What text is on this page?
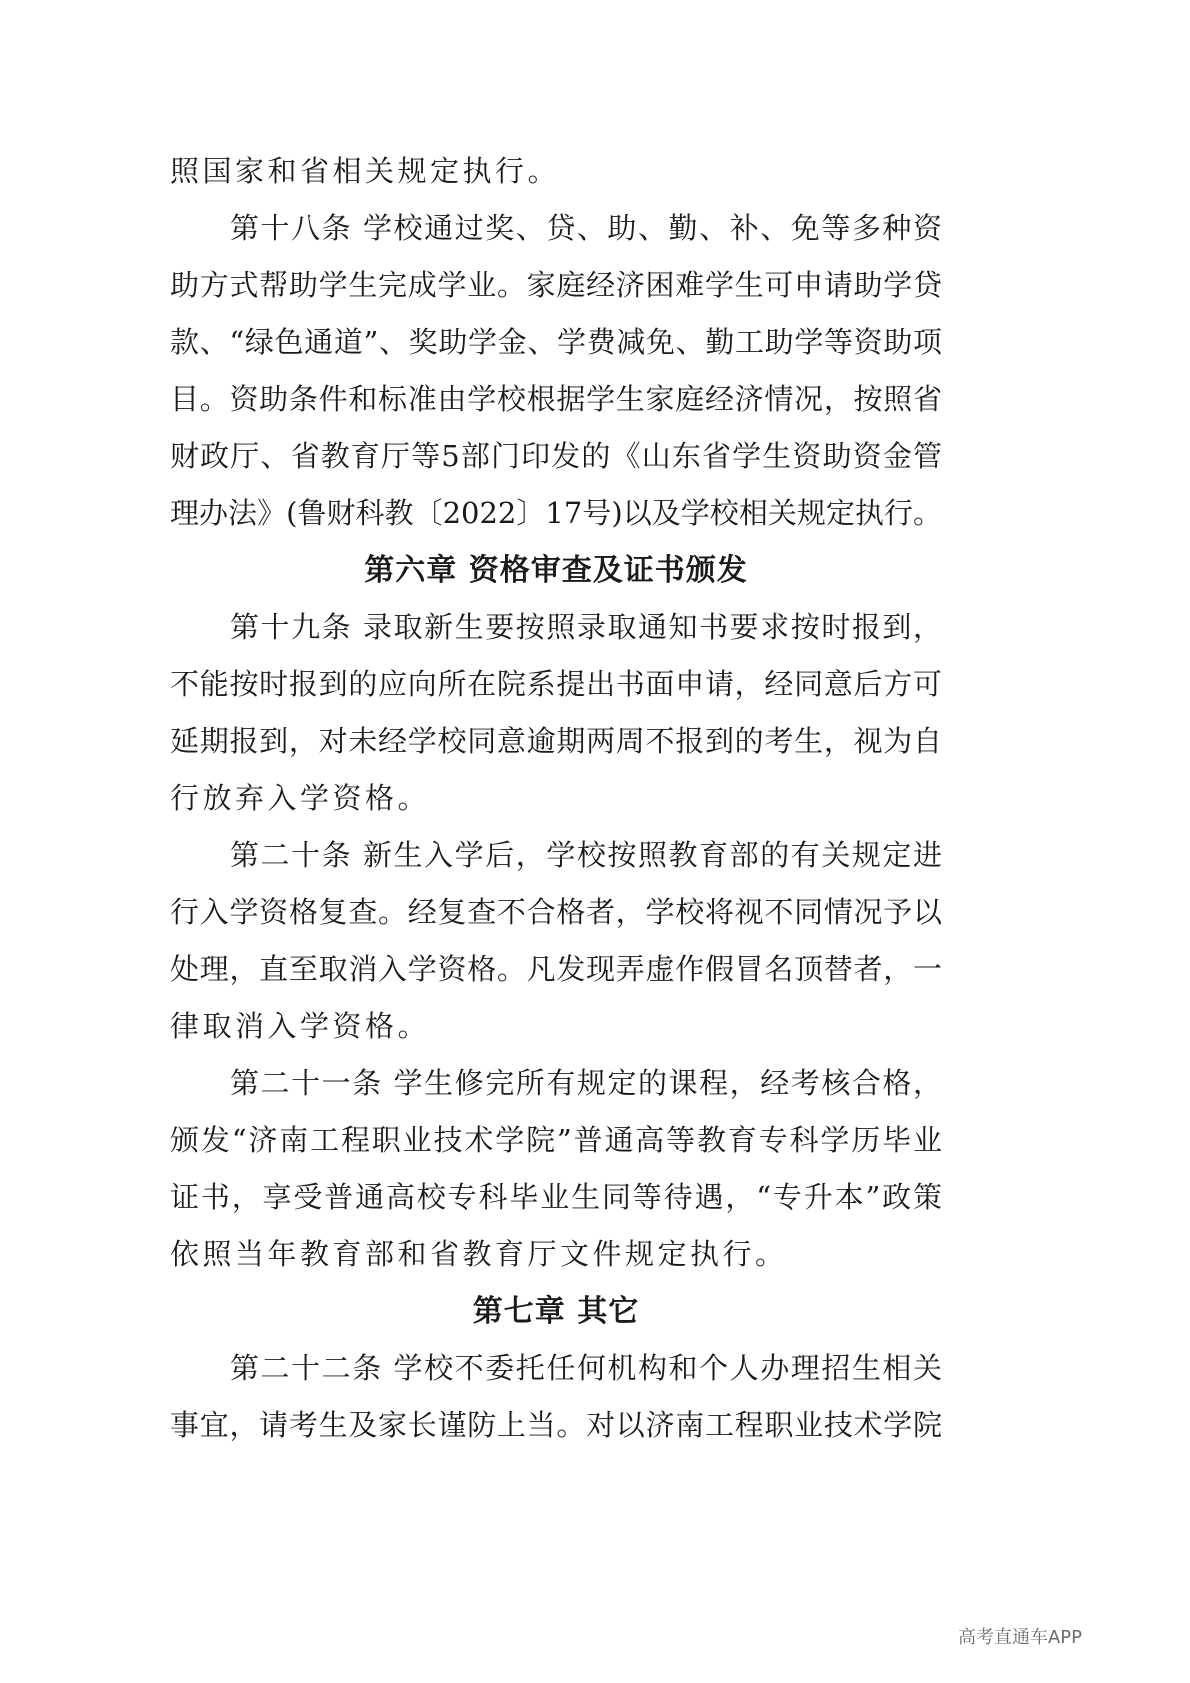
照国家和省相关规定执行。
第十八条 学校通过奖、贷、助、勤、补、免等多种资
助方式帮助学生完成学业。家庭经济困难学生可申请助学贷
款、“绿色通道”、奖助学金、学费减免、勤工助学等资助项
目。资助条件和标准由学校根据学生家庭经济情况，按照省
财政厅、省教育厅等5部门印发的《山东省学生资助资金管
理办法》(鲁财科教〔2022〕17号)以及学校相关规定执行。
第六章 资格审查及证书颁发
第十九条 录取新生要按照录取通知书要求按时报到，
不能按时报到的应向所在院系提出书面申请，经同意后方可
延期报到，对未经学校同意逾期两周不报到的考生，视为自
行放弃入学资格。
第二十条 新生入学后，学校按照教育部的有关规定进
行入学资格复查。经复查不合格者，学校将视不同情况予以
处理，直至取消入学资格。凡发现弄虚作假冒名顶替者，一
律取消入学资格。
第二十一条 学生修完所有规定的课程，经考核合格，
颁发“济南工程职业技术学院”普通高等教育专科学历毕业
证书，享受普通高校专科毕业生同等待遇，“专升本”政策
依照当年教育部和省教育厅文件规定执行。
第七章 其它
第二十二条 学校不委托任何机构和个人办理招生相关
事宜，请考生及家长谨防上当。对以济南工程职业技术学院
高考直通车APP
